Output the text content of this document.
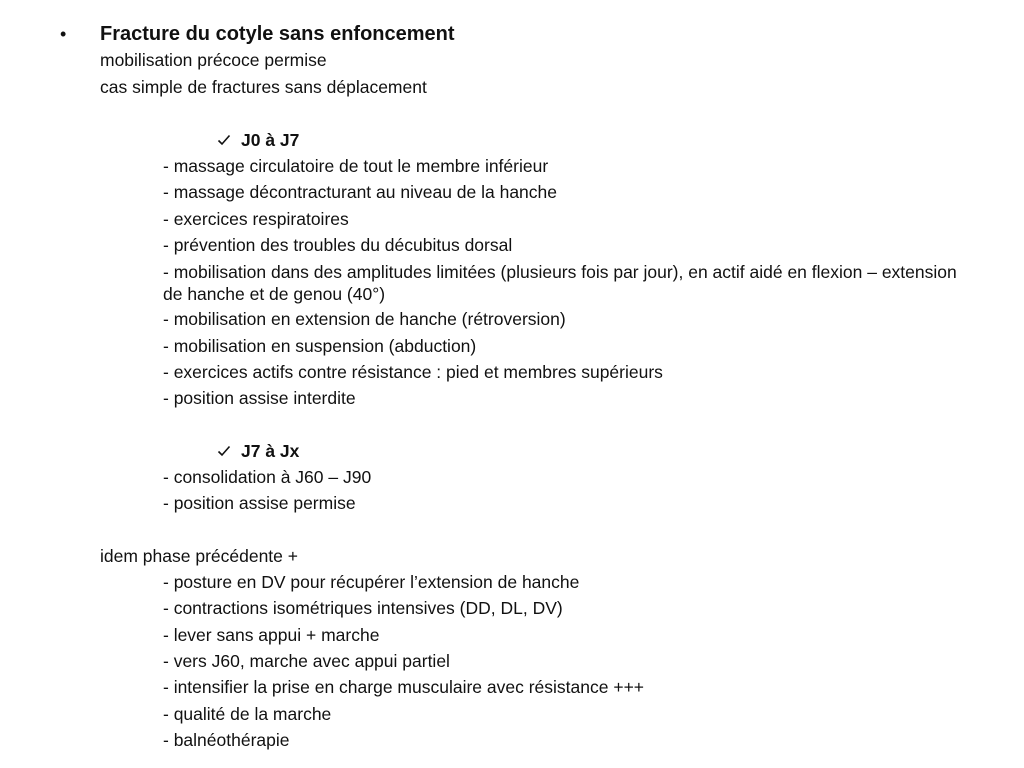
• Fracture du cotyle sans enfoncement
mobilisation précoce permise
cas simple de fractures sans déplacement
J0 à J7
- massage circulatoire de tout le membre inférieur
- massage décontracturant au niveau de la hanche
- exercices respiratoires
- prévention des troubles du décubitus dorsal
- mobilisation dans des amplitudes limitées (plusieurs fois par jour), en actif aidé en flexion – extension de hanche et de genou (40°)
- mobilisation en extension de hanche (rétroversion)
- mobilisation en suspension (abduction)
- exercices actifs contre résistance : pied et membres supérieurs
- position assise interdite
J7 à Jx
- consolidation à J60 – J90
- position assise permise
idem phase précédente +
- posture en DV pour récupérer l’extension de hanche
- contractions isométriques intensives (DD, DL, DV)
- lever sans appui + marche
- vers J60, marche avec appui partiel
- intensifier la prise en charge musculaire avec résistance +++
- qualité de la marche
- balnéothérapie
